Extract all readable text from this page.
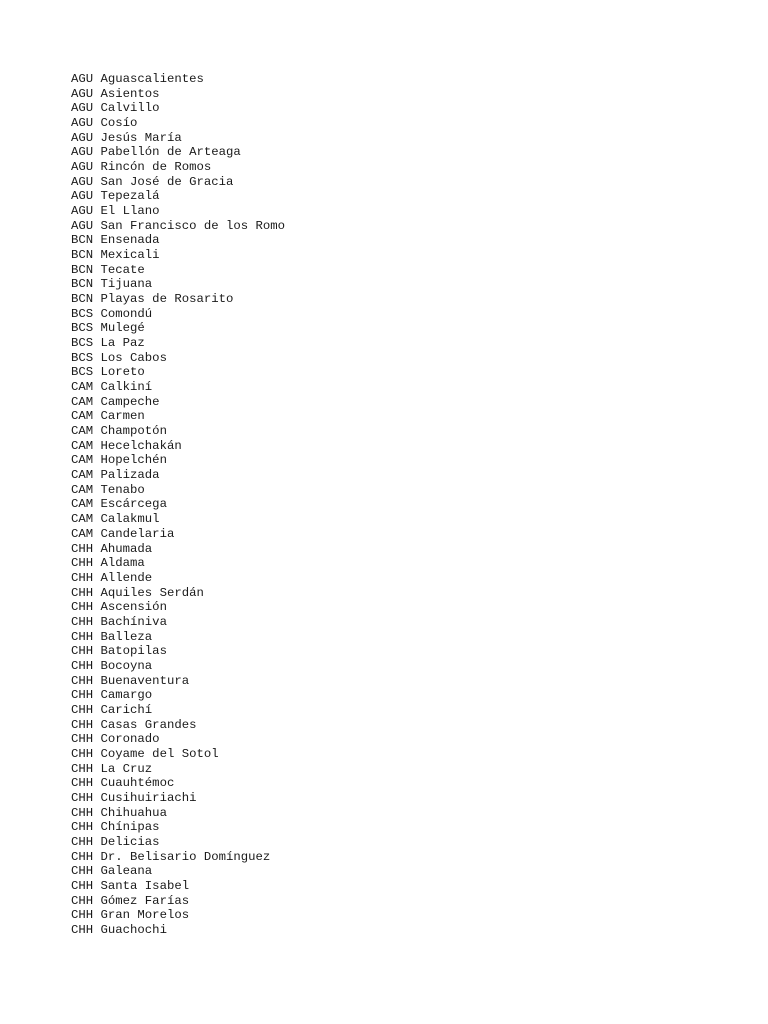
AGU Aguascalientes
AGU Asientos
AGU Calvillo
AGU Cosío
AGU Jesús María
AGU Pabellón de Arteaga
AGU Rincón de Romos
AGU San José de Gracia
AGU Tepezalá
AGU El Llano
AGU San Francisco de los Romo
BCN Ensenada
BCN Mexicali
BCN Tecate
BCN Tijuana
BCN Playas de Rosarito
BCS Comondú
BCS Mulegé
BCS La Paz
BCS Los Cabos
BCS Loreto
CAM Calkiní
CAM Campeche
CAM Carmen
CAM Champotón
CAM Hecelchakán
CAM Hopelchén
CAM Palizada
CAM Tenabo
CAM Escárcega
CAM Calakmul
CAM Candelaria
CHH Ahumada
CHH Aldama
CHH Allende
CHH Aquiles Serdán
CHH Ascensión
CHH Bachíniva
CHH Balleza
CHH Batopilas
CHH Bocoyna
CHH Buenaventura
CHH Camargo
CHH Carichí
CHH Casas Grandes
CHH Coronado
CHH Coyame del Sotol
CHH La Cruz
CHH Cuauhtémoc
CHH Cusihuiriachi
CHH Chihuahua
CHH Chínipas
CHH Delicias
CHH Dr. Belisario Domínguez
CHH Galeana
CHH Santa Isabel
CHH Gómez Farías
CHH Gran Morelos
CHH Guachochi
